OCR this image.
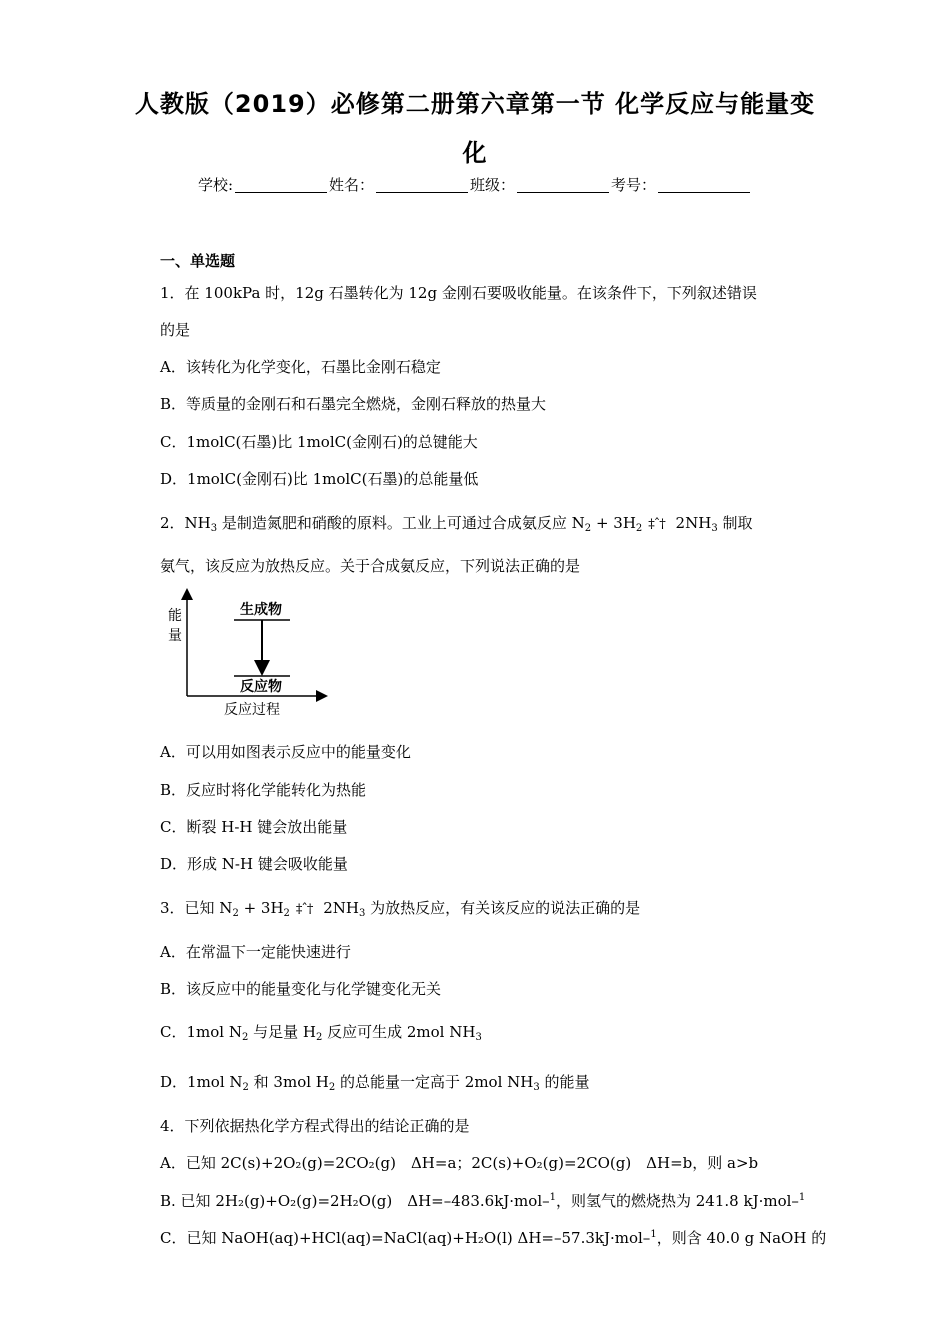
人教版（2019）必修第二册第六章第一节 化学反应与能量变
化
学校:	姓名：	班级：	考号：
一、单选题
1．在 100kPa 时，12g 石墨转化为 12g 金刚石要吸收能量。在该条件下，下列叙述错误
的是
A．该转化为化学变化，石墨比金刚石稳定
B．等质量的金刚石和石墨完全燃烧，金刚石释放的热量大
C．1molC(石墨)比 1molC(金刚石)的总键能大
D．1molC(金刚石)比 1molC(石墨)的总能量低
2．$NH_3$ 是制造氮肥和硝酸的原料。工业上可通过合成氨反应 $N_2 + 3H_2$ ‡ˆ† $2NH_3$ 制取
氨气，该反应为放热反应。关于合成氨反应，下列说法正确的是
能
量
生成物
反应物
反应过程
A．可以用如图表示反应中的能量变化
B．反应时将化学能转化为热能
C．断裂 H-H 键会放出能量
D．形成 N-H 键会吸收能量
3．已知 $N_2 + 3H_2$ ‡ˆ† $2NH_3$ 为放热反应，有关该反应的说法正确的是
A．在常温下一定能快速进行
B．该反应中的能量变化与化学键变化无关
C．1mol $N_2$ 与足量 $H_2$ 反应可生成 2mol $NH_3$
D．1mol $N_2$ 和 3mol $H_2$ 的总能量一定高于 2mol $NH_3$ 的能量
4．下列依据热化学方程式得出的结论正确的是
A．已知 2C(s)+2O₂(g)=2CO₂(g)　ΔH=a；2C(s)+O₂(g)=2CO(g)　ΔH=b，则 a>b
B. 已知 2H₂(g)+O₂(g)=2H₂O(g)　ΔH=–483.6kJ·mol–$^1$，则氢气的燃烧热为 241.8 kJ·mol–$^1$
C．已知 NaOH(aq)+HCl(aq)=NaCl(aq)+H₂O(l) ΔH=–57.3kJ·mol–$^1$，则含 40.0 g NaOH 的
